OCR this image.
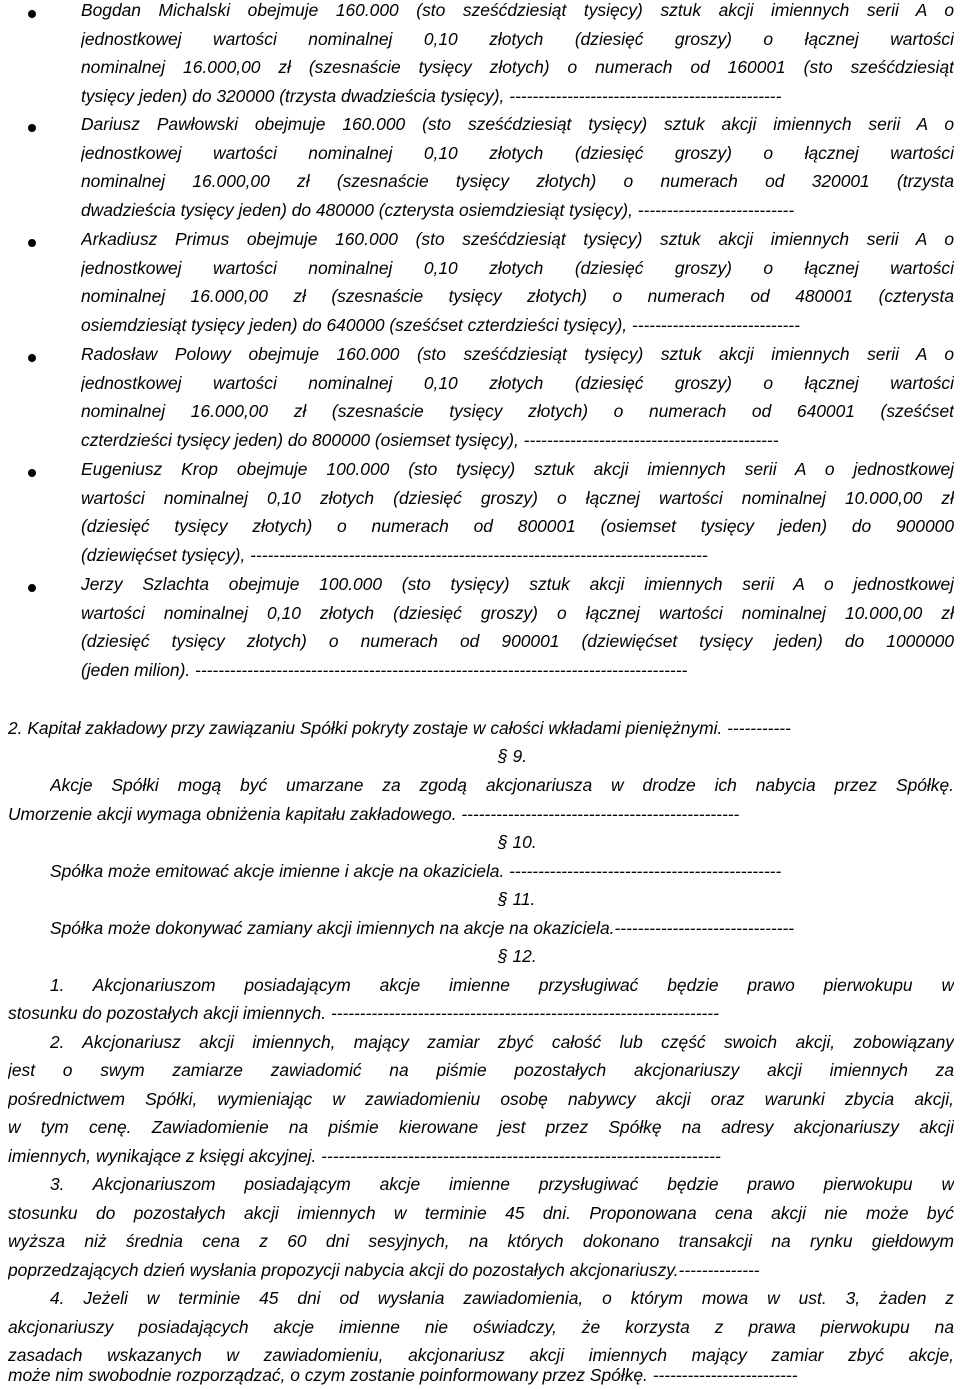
Bogdan Michalski obejmuje 160.000 (sto sześćdziesiąt tysięcy) sztuk akcji imiennych serii A o
jednostkowej wartości nominalnej 0,10 złotych (dziesięć groszy) o łącznej wartości
nominalnej 16.000,00 zł (szesnaście tysięcy złotych) o numerach od 160001 (sto sześćdziesiąt
tysięcy jeden) do 320000 (trzysta dwadzieścia tysięcy), -----------------------------------------------
Dariusz Pawłowski obejmuje 160.000 (sto sześćdziesiąt tysięcy) sztuk akcji imiennych serii A o
jednostkowej wartości nominalnej 0,10 złotych (dziesięć groszy) o łącznej wartości
nominalnej 16.000,00 zł (szesnaście tysięcy złotych) o numerach od 320001 (trzysta
dwadzieścia tysięcy jeden) do 480000 (czterysta osiemdziesiąt tysięcy), ---------------------------
Arkadiusz Primus obejmuje 160.000 (sto sześćdziesiąt tysięcy) sztuk akcji imiennych serii A o
jednostkowej wartości nominalnej 0,10 złotych (dziesięć groszy) o łącznej wartości
nominalnej 16.000,00 zł (szesnaście tysięcy złotych) o numerach od 480001 (czterysta
osiemdziesiąt tysięcy jeden) do 640000 (sześćset czterdzieści tysięcy), -----------------------------
Radosław Polowy obejmuje 160.000 (sto sześćdziesiąt tysięcy) sztuk akcji imiennych serii A o
jednostkowej wartości nominalnej 0,10 złotych (dziesięć groszy) o łącznej wartości
nominalnej 16.000,00 zł (szesnaście tysięcy złotych) o numerach od 640001 (sześćset
czterdzieści tysięcy jeden) do 800000 (osiemset tysięcy), --------------------------------------------
Eugeniusz Krop obejmuje 100.000 (sto tysięcy) sztuk akcji imiennych serii A o jednostkowej
wartości nominalnej 0,10 złotych (dziesięć groszy) o łącznej wartości nominalnej 10.000,00 zł
(dziesięć tysięcy złotych) o numerach od 800001 (osiemset tysięcy jeden) do 900000
(dziewięćset tysięcy), -------------------------------------------------------------------------------
Jerzy Szlachta obejmuje 100.000 (sto tysięcy) sztuk akcji imiennych serii A o jednostkowej
wartości nominalnej 0,10 złotych (dziesięć groszy) o łącznej wartości nominalnej 10.000,00 zł
(dziesięć tysięcy złotych) o numerach od 900001 (dziewięćset tysięcy jeden) do 1000000
(jeden milion). -------------------------------------------------------------------------------------
2. Kapitał zakładowy przy zawiązaniu Spółki pokryty zostaje w całości wkładami pieniężnymi. -----------
§ 9.
Akcje Spółki mogą być umarzane za zgodą akcjonariusza w drodze ich nabycia przez Spółkę.
Umorzenie akcji wymaga obniżenia kapitału zakładowego. ------------------------------------------------
§ 10.
Spółka może emitować akcje imienne i akcje na okaziciela. -----------------------------------------------
§ 11.
Spółka może dokonywać zamiany akcji imiennych na akcje na okaziciela.-------------------------------
§ 12.
1. Akcjonariuszom posiadającym akcje imienne przysługiwać będzie prawo pierwokupu w
stosunku do pozostałych akcji imiennych. -------------------------------------------------------------------
2. Akcjonariusz akcji imiennych, mający zamiar zbyć całość lub część swoich akcji, zobowiązany
jest o swym zamiarze zawiadomić na piśmie pozostałych akcjonariuszy akcji imiennych za
pośrednictwem Spółki, wymieniając w zawiadomieniu osobę nabywcy akcji oraz warunki zbycia akcji,
w tym cenę. Zawiadomienie na piśmie kierowane jest przez Spółkę na adresy akcjonariuszy akcji
imiennych, wynikające z księgi akcyjnej. ---------------------------------------------------------------------
3. Akcjonariuszom posiadającym akcje imienne przysługiwać będzie prawo pierwokupu w
stosunku do pozostałych akcji imiennych w terminie 45 dni. Proponowana cena akcji nie może być
wyższa niż średnia cena z 60 dni sesyjnych, na których dokonano transakcji na rynku giełdowym
poprzedzających dzień wysłania propozycji nabycia akcji do pozostałych akcjonariuszy.--------------
4. Jeżeli w terminie 45 dni od wysłania zawiadomienia, o którym mowa w ust. 3, żaden z
akcjonariuszy posiadających akcje imienne nie oświadczy, że korzysta z prawa pierwokupu na
zasadach wskazanych w zawiadomieniu, akcjonariusz akcji imiennych mający zamiar zbyć akcje,
może nim swobodnie rozporządzać, o czym zostanie poinformowany przez Spółkę. -------------------------
